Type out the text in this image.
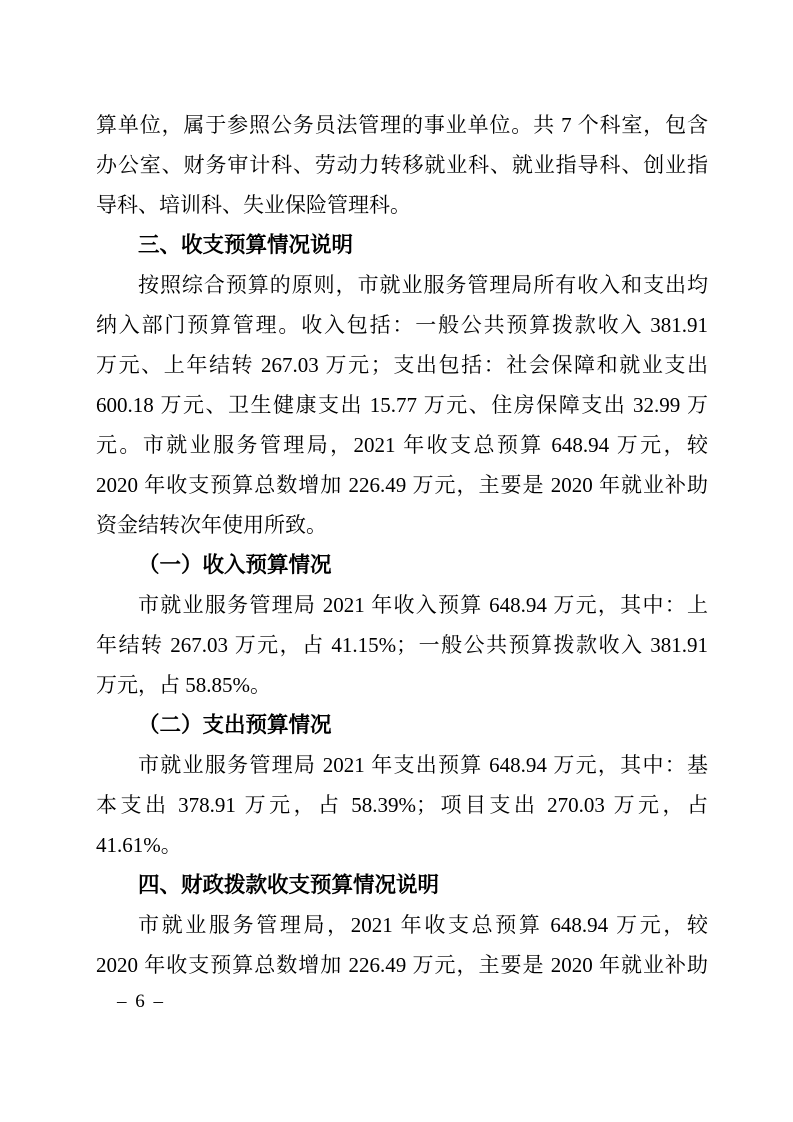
算单位，属于参照公务员法管理的事业单位。共 7 个科室，包含
办公室、财务审计科、劳动力转移就业科、就业指导科、创业指
导科、培训科、失业保险管理科。
三、收支预算情况说明
按照综合预算的原则，市就业服务管理局所有收入和支出均
纳入部门预算管理。收入包括：一般公共预算拨款收入 381.91
万元、上年结转 267.03 万元；支出包括：社会保障和就业支出
600.18 万元、卫生健康支出 15.77 万元、住房保障支出 32.99 万
元。市就业服务管理局，2021 年收支总预算 648.94 万元，较
2020 年收支预算总数增加 226.49 万元，主要是 2020 年就业补助
资金结转次年使用所致。
（一）收入预算情况
市就业服务管理局 2021 年收入预算 648.94 万元，其中：上
年结转 267.03 万元，占 41.15%；一般公共预算拨款收入 381.91
万元，占 58.85%。
（二）支出预算情况
市就业服务管理局 2021 年支出预算 648.94 万元，其中：基
本支出 378.91 万元，占 58.39%；项目支出 270.03 万元，占
41.61%。
四、财政拨款收支预算情况说明
市就业服务管理局，2021 年收支总预算 648.94 万元，较
2020 年收支预算总数增加 226.49 万元，主要是 2020 年就业补助
– 6 –
